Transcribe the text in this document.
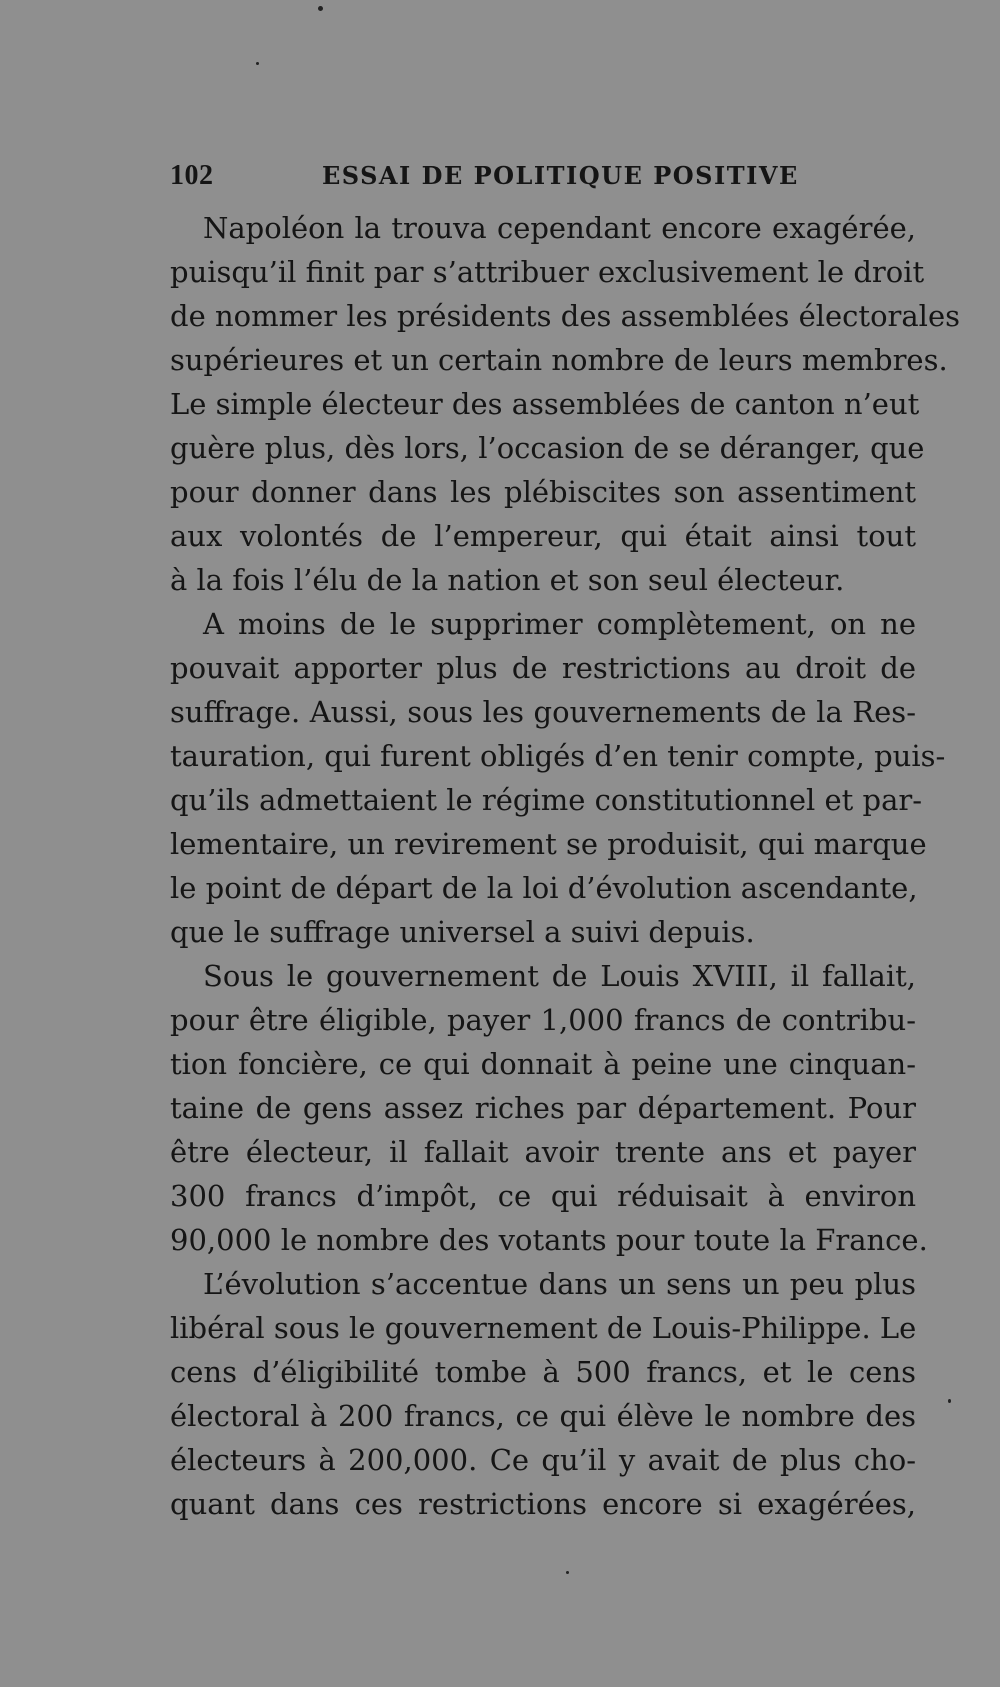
102	ESSAI DE POLITIQUE POSITIVE
Napoléon la trouva cependant encore exagérée,
puisqu’il finit par s’attribuer exclusivement le droit
de nommer les présidents des assemblées électorales
supérieures et un certain nombre de leurs membres.
Le simple électeur des assemblées de canton n’eut
guère plus, dès lors, l’occasion de se déranger, que
pour donner dans les plébiscites son assentiment
aux volontés de l’empereur, qui était ainsi tout
à la fois l’élu de la nation et son seul électeur.
A moins de le supprimer complètement, on ne
pouvait apporter plus de restrictions au droit de
suffrage. Aussi, sous les gouvernements de la Res-
tauration, qui furent obligés d’en tenir compte, puis-
qu’ils admettaient le régime constitutionnel et par-
lementaire, un revirement se produisit, qui marque
le point de départ de la loi d’évolution ascendante,
que le suffrage universel a suivi depuis.
Sous le gouvernement de Louis XVIII, il fallait,
pour être éligible, payer 1,000 francs de contribu-
tion foncière, ce qui donnait à peine une cinquan-
taine de gens assez riches par département. Pour
être électeur, il fallait avoir trente ans et payer
300 francs d’impôt, ce qui réduisait à environ
90,000 le nombre des votants pour toute la France.
L’évolution s’accentue dans un sens un peu plus
libéral sous le gouvernement de Louis-Philippe. Le
cens d’éligibilité tombe à 500 francs, et le cens
électoral à 200 francs, ce qui élève le nombre des
électeurs à 200,000. Ce qu’il y avait de plus cho-
quant dans ces restrictions encore si exagérées,
